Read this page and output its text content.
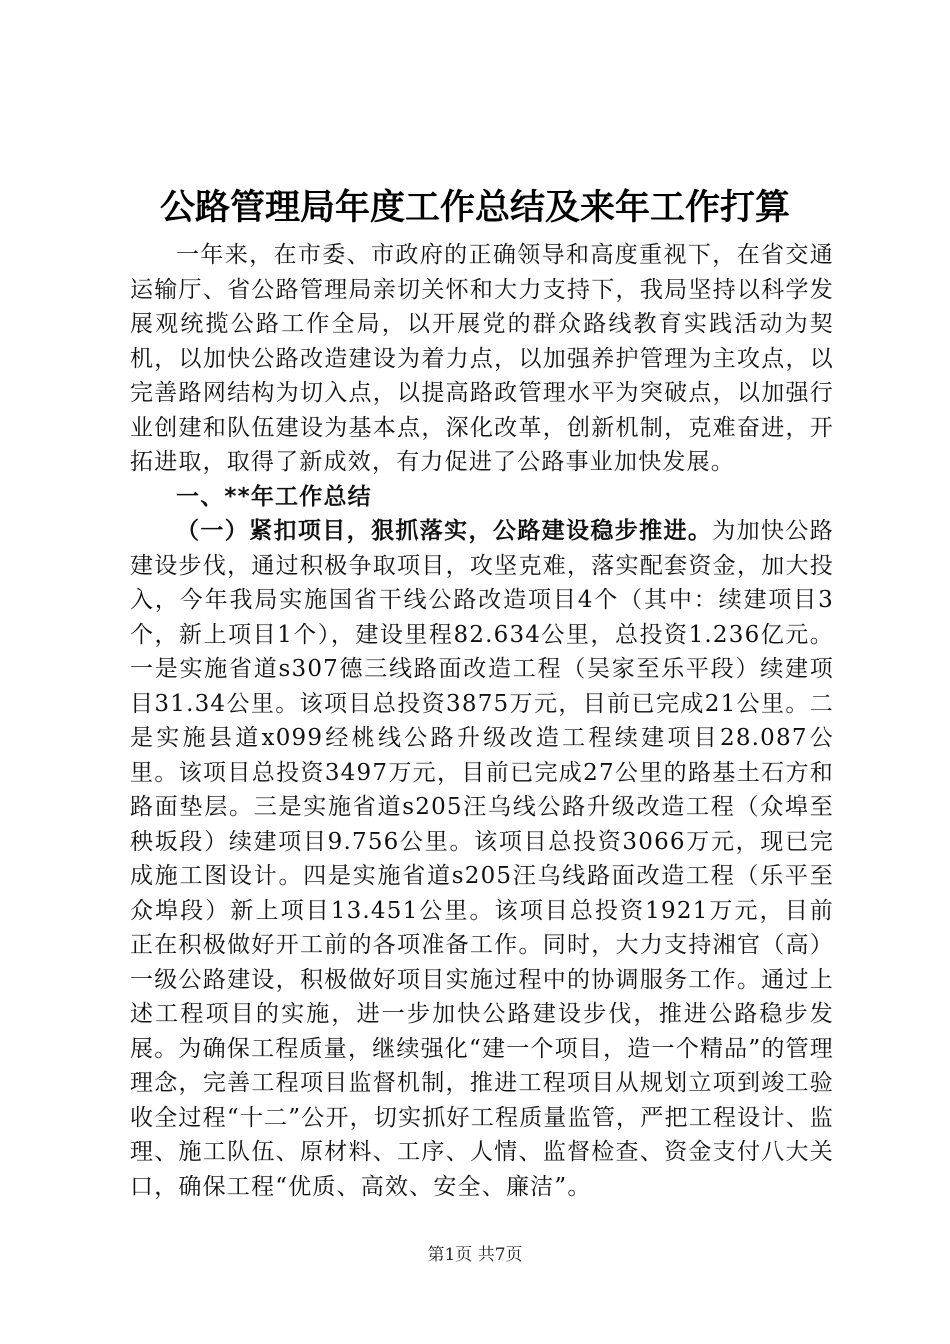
公路管理局年度工作总结及来年工作打算

一年来，在市委、市政府的正确领导和高度重视下，在省交通运输厅、省公路管理局亲切关怀和大力支持下，我局坚持以科学发展观统揽公路工作全局，以开展党的群众路线教育实践活动为契机，以加快公路改造建设为着力点，以加强养护管理为主攻点，以完善路网结构为切入点，以提高路政管理水平为突破点，以加强行业创建和队伍建设为基本点，深化改革，创新机制，克难奋进，开拓进取，取得了新成效，有力促进了公路事业加快发展。

一、**年工作总结

（一）紧扣项目，狠抓落实，公路建设稳步推进。为加快公路建设步伐，通过积极争取项目，攻坚克难，落实配套资金，加大投入，今年我局实施国省干线公路改造项目4个（其中：续建项目3个，新上项目1个），建设里程82.634公里，总投资1.236亿元。一是实施省道s307德三线路面改造工程（吴家至乐平段）续建项目31.34公里。该项目总投资3875万元，目前已完成21公里。二是实施县道x099经桃线公路升级改造工程续建项目28.087公里。该项目总投资3497万元，目前已完成27公里的路基土石方和路面垫层。三是实施省道s205汪乌线公路升级改造工程（众埠至秧坂段）续建项目9.756公里。该项目总投资3066万元，现已完成施工图设计。四是实施省道s205汪乌线路面改造工程（乐平至众埠段）新上项目13.451公里。该项目总投资1921万元，目前正在积极做好开工前的各项准备工作。同时，大力支持湘官（高）一级公路建设，积极做好项目实施过程中的协调服务工作。通过上述工程项目的实施，进一步加快公路建设步伐，推进公路稳步发展。为确保工程质量，继续强化“建一个项目，造一个精品”的管理理念，完善工程项目监督机制，推进工程项目从规划立项到竣工验收全过程“十二”公开，切实抓好工程质量监管，严把工程设计、监理、施工队伍、原材料、工序、人情、监督检查、资金支付八大关口，确保工程“优质、高效、安全、廉洁”。

第1页 共7页
